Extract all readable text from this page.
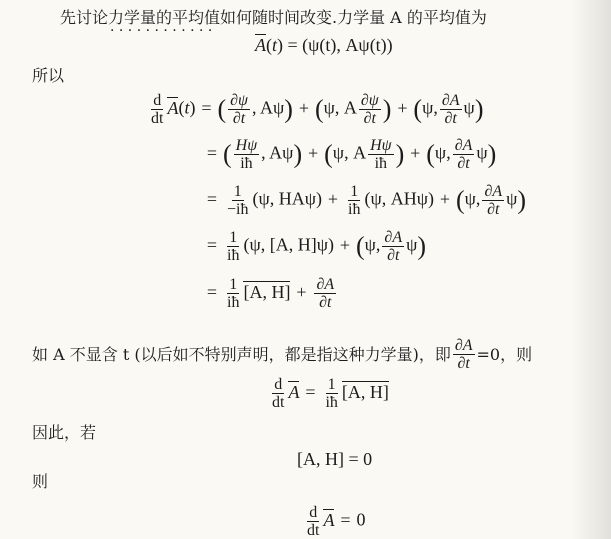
先讨论力学量的平均值如何随时间改变.力学量 A 的平均值为
· · · · · · · · · · · ·
A(t) = (ψ(t), Aψ(t))
所以
$\frac{d}{dt} A(t)$ = ( $\frac{\partial\psi}{\partial t}$ , Aψ) + (ψ, A $\frac{\partial\psi}{\partial t}$ ) + (ψ, $\frac{\partial A}{\partial t} \psi$)
= ( $\frac{H\psi}{iħ}$ , Aψ) + (ψ, A $\frac{H\psi}{iħ}$ ) + (ψ, $\frac{\partial A}{\partial t} \psi$)
= $\frac{1}{-iħ} (\psi$, $HA\psi) + \frac{1}{iħ} (\psi$, AHψ) + (ψ, $\frac{\partial A}{\partial t} \psi$)
= $\frac{1}{iħ} (\psi$, [A, H]ψ) + (ψ, $\frac{\partial A}{\partial t} \psi$)
= $\frac{1}{iħ} [A$, $H] + \frac{\partial A}{\partial t}$
如 A 不显含 t (以后如不特别声明，都是指这种力学量)，即 $\frac{\partial A}{\partial t} =0$，则
$\frac{d}{dt}$ $A = \frac{1}{iħ} [A$, H]
因此，若
[A, H] = 0
则
$\frac{d}{dt}$ A = 0
